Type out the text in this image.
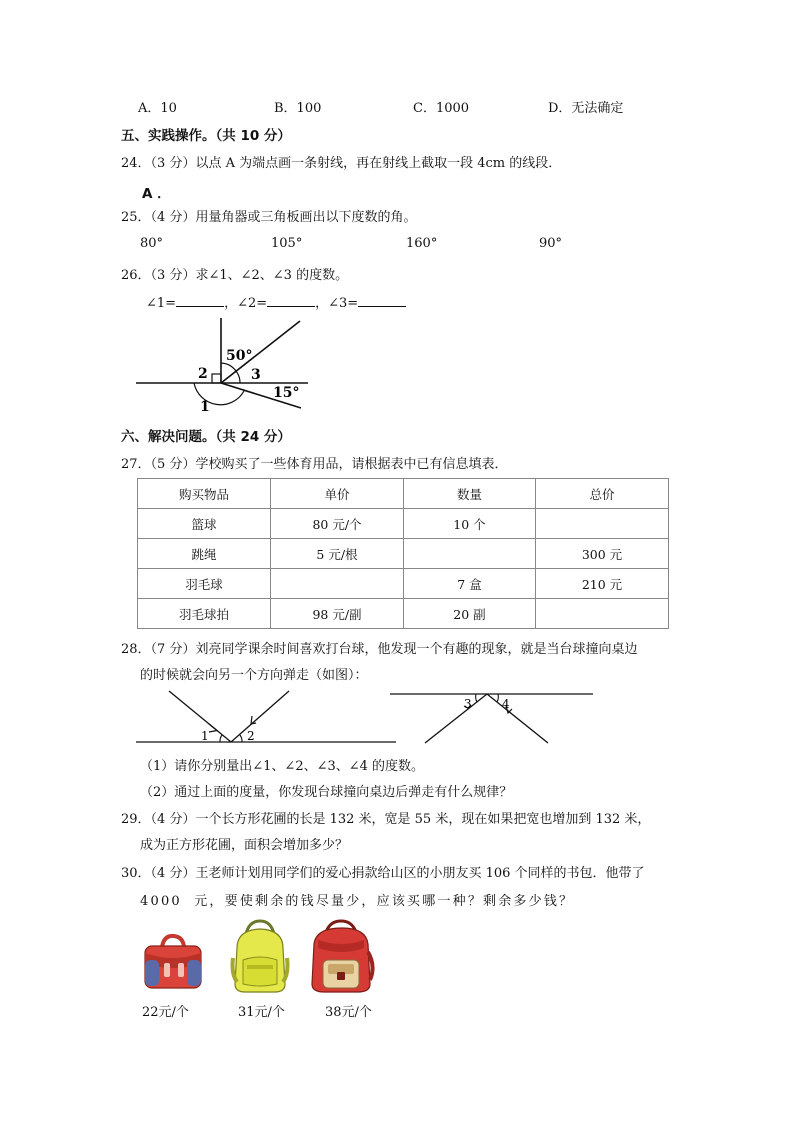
A．10	B．100	C．1000	D．无法确定
五、实践操作。（共 10 分）
24．（3 分）以点 A 为端点画一条射线，再在射线上截取一段 4cm 的线段．
A ．
25．（4 分）用量角器或三角板画出以下度数的角。
80°	105°	160°	90°
26．（3 分）求∠1、∠2、∠3 的度数。
∠1=	，∠2=	，∠3=
50°
3
2
15°
1
六、解决问题。（共 24 分）
27．（5 分）学校购买了一些体育用品，请根据表中已有信息填表．
购买物品	单价	数量	总价
篮球	80 元/个	10 个	
跳绳	5 元/根		300 元
羽毛球		7 盒	210 元
羽毛球拍	98 元/副	20 副	
28．（7 分）刘亮同学课余时间喜欢打台球，他发现一个有趣的现象，就是当台球撞向桌边
的时候就会向另一个方向弹走（如图）：
1	2
3	4
（1）请你分别量出∠1、∠2、∠3、∠4 的度数。
（2）通过上面的度量，你发现台球撞向桌边后弹走有什么规律？
29．（4 分）一个长方形花圃的长是 132 米，宽是 55 米，现在如果把宽也增加到 132 米，
成为正方形花圃，面积会增加多少？
30．（4 分）王老师计划用同学们的爱心捐款给山区的小朋友买 106 个同样的书包．他带了
4000 元，要使剩余的钱尽量少，应该买哪一种？剩余多少钱？
22元/个	31元/个	38元/个
